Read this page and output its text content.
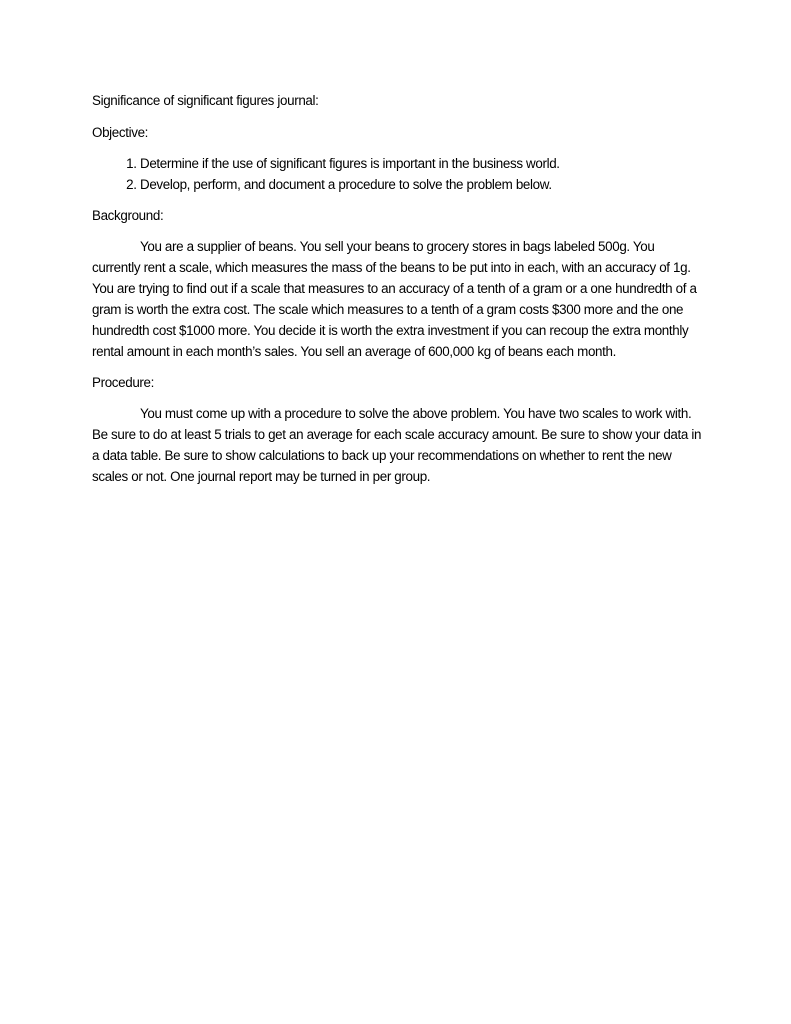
Significance of significant figures journal:
Objective:
1. Determine if the use of significant figures is important in the business world.
2. Develop, perform, and document a procedure to solve the problem below.
Background:

You are a supplier of beans. You sell your beans to grocery stores in bags labeled 500g. You currently rent a scale, which measures the mass of the beans to be put into in each, with an accuracy of 1g. You are trying to find out if a scale that measures to an accuracy of a tenth of a gram or a one hundredth of a gram is worth the extra cost. The scale which measures to a tenth of a gram costs $300 more and the one hundredth cost $1000 more. You decide it is worth the extra investment if you can recoup the extra monthly rental amount in each month’s sales. You sell an average of 600,000 kg of beans each month.

Procedure:

You must come up with a procedure to solve the above problem. You have two scales to work with. Be sure to do at least 5 trials to get an average for each scale accuracy amount. Be sure to show your data in a data table. Be sure to show calculations to back up your recommendations on whether to rent the new scales or not. One journal report may be turned in per group.
